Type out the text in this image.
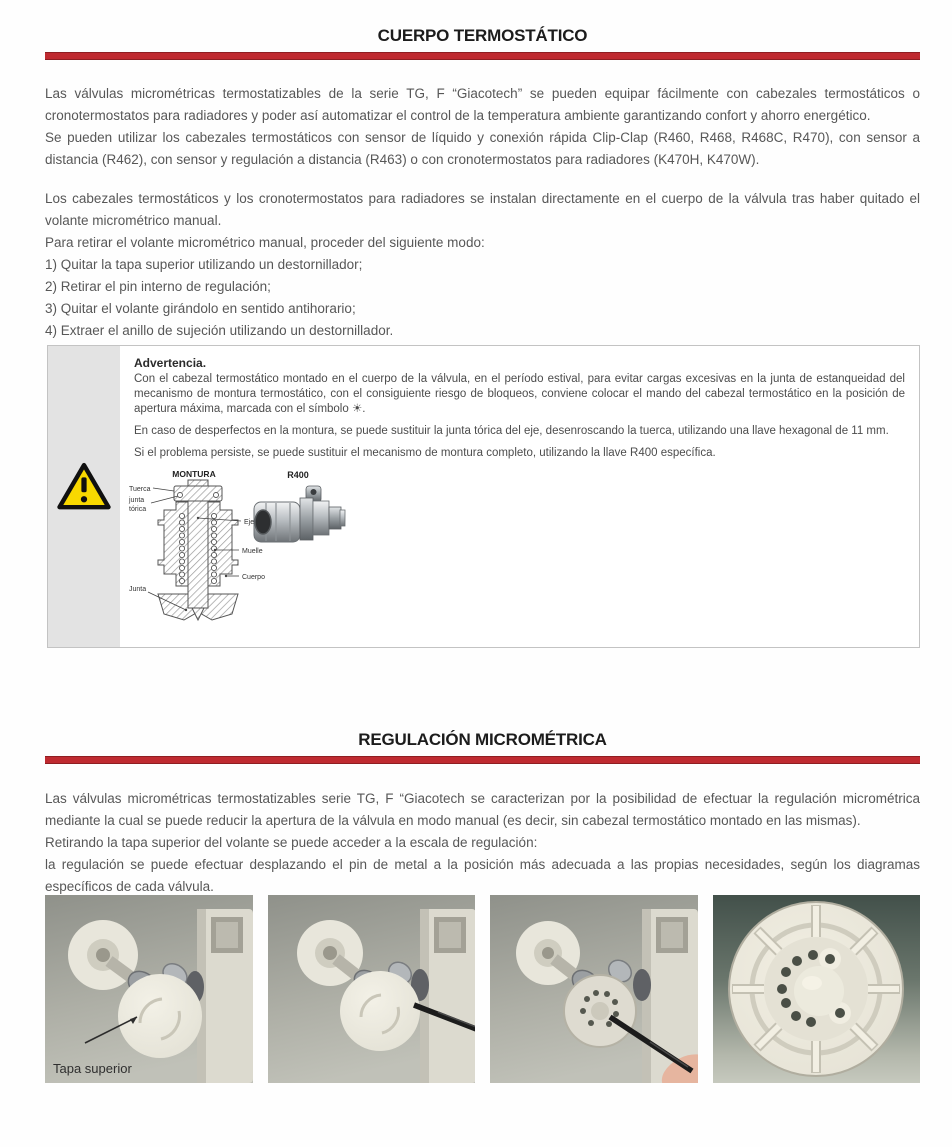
CUERPO TERMOSTÁTICO

Las válvulas micrométricas termostatizables de la serie TG, F “Giacotech” se pueden equipar fácilmente con cabezales termostáticos o cronotermostatos para radiadores y poder así automatizar el control de la temperatura ambiente garantizando confort y ahorro energético.

Se pueden utilizar los cabezales termostáticos con sensor de líquido y conexión rápida Clip-Clap (R460, R468, R468C, R470), con sensor a distancia (R462), con sensor y regulación a distancia (R463) o con cronotermostatos para radiadores (K470H, K470W).

Los cabezales termostáticos y los cronotermostatos para radiadores se instalan directamente en el cuerpo de la válvula tras haber quitado el volante micrométrico manual.

Para retirar el volante micrométrico manual, proceder del siguiente modo:

1) Quitar la tapa superior utilizando un destornillador;

2) Retirar el pin interno de regulación;

3) Quitar el volante girándolo en sentido antihorario;

4) Extraer el anillo de sujeción utilizando un destornillador.

Advertencia.

Con el cabezal termostático montado en el cuerpo de la válvula, en el período estival, para evitar cargas excesivas en la junta de estanqueidad del mecanismo de montura termostático, con el consiguiente riesgo de bloqueos, conviene colocar el mando del cabezal termostático en la posición de apertura máxima, marcada con el símbolo ☀.

En caso de desperfectos en la montura, se puede sustituir la junta tórica del eje, desenroscando la tuerca, utilizando una llave hexagonal de 11 mm.

Si el problema persiste, se puede sustituir el mecanismo de montura completo, utilizando la llave R400 específica.

MONTURA
Tuerca
junta
tórica
Eje
Muelle
Cuerpo
Junta
R400
REGULACIÓN MICROMÉTRICA

Las válvulas micrométricas termostatizables serie TG, F “Giacotech se caracterizan por la posibilidad de efectuar la regulación micrométrica mediante la cual se puede reducir la apertura de la válvula en modo manual (es decir, sin cabezal termostático montado en las mismas).

Retirando la tapa superior del volante se puede acceder a la escala de regulación:

la regulación se puede efectuar desplazando el pin de metal a la posición más adecuada a las propias necesidades, según los diagramas específicos de cada válvula.

Tapa superior
